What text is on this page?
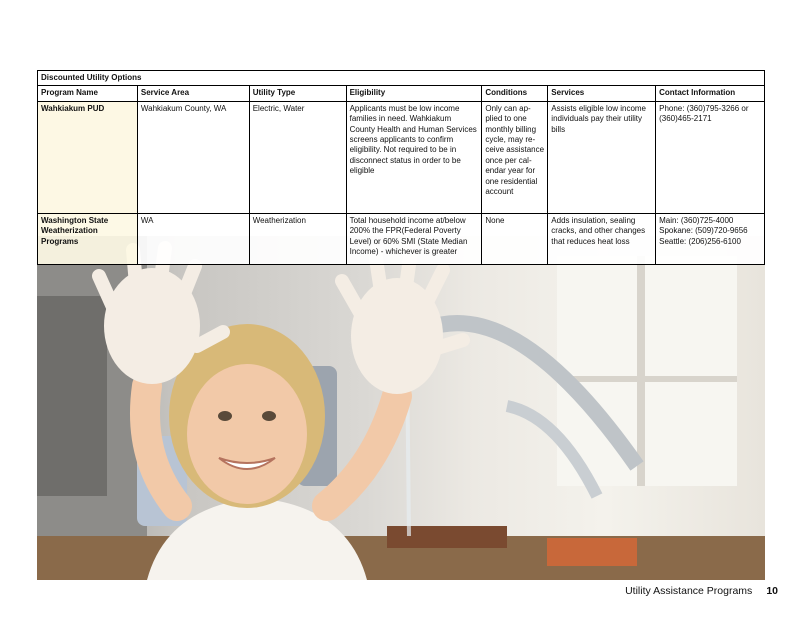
Discounted Utility Options						
Program Name	Service Area	Utility Type	Eligibility	Conditions	Services	Contact Information
Wahkiakum PUD	Wahkiakum County, WA	Electric, Water	Applicants must be low income families in need. Wahkiakum County Health and Human Services screens applicants to confirm eligibility. Not required to be in disconnect status in order to be eligible	Only can ap-plied to one monthly billing cycle, may re-ceive assistance once per cal-endar year for one residential account	Assists eligible low income individuals pay their utility bills	Phone: (360)795-3266 or (360)465-2171
Washington State Weatherization Programs	WA	Weatherization	Total household income at/below 200% the FPR(Federal Poverty Level) or 60% SMI (State Median Income) - whichever is greater	None	Adds insulation, sealing cracks, and other changes that reduces heat loss	Main: (360)725-4000 Spokane: (509)720-9656 Seattle: (206)256-6100
Utility Assistance Programs 10
